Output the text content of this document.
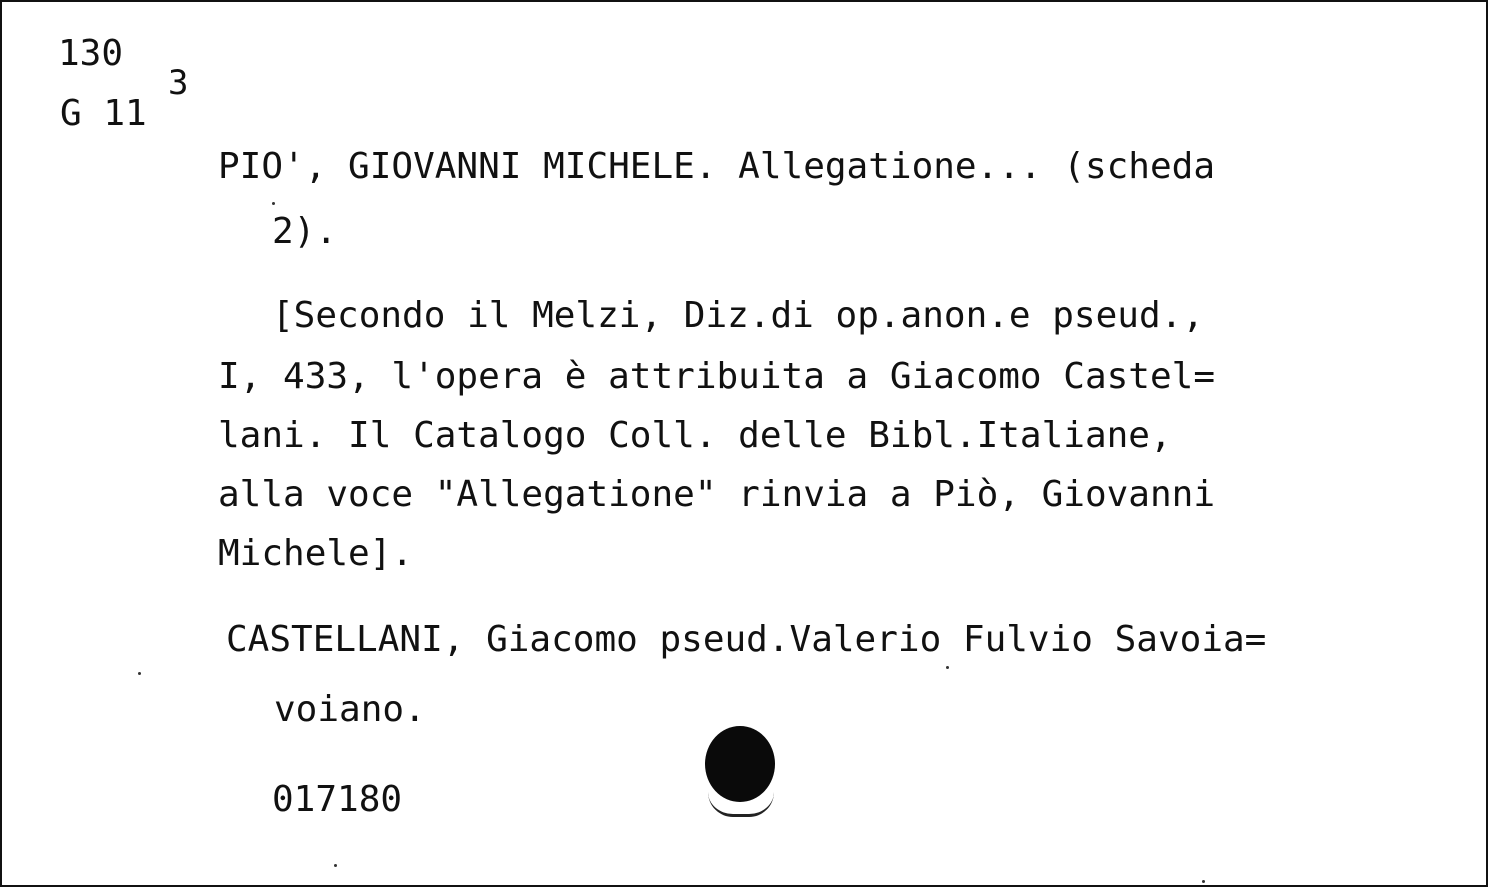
130
G 11
3
PIO', GIOVANNI MICHELE. Allegatione... (scheda
2).
[Secondo il Melzi, Diz.di op.anon.e pseud.,
I, 433, l'opera è attribuita a Giacomo Castel=
lani. Il Catalogo Coll. delle Bibl.Italiane,
alla voce "Allegatione" rinvia a Piò, Giovanni
Michele].
CASTELLANI, Giacomo pseud.Valerio Fulvio Savoia=
voiano.
017180
